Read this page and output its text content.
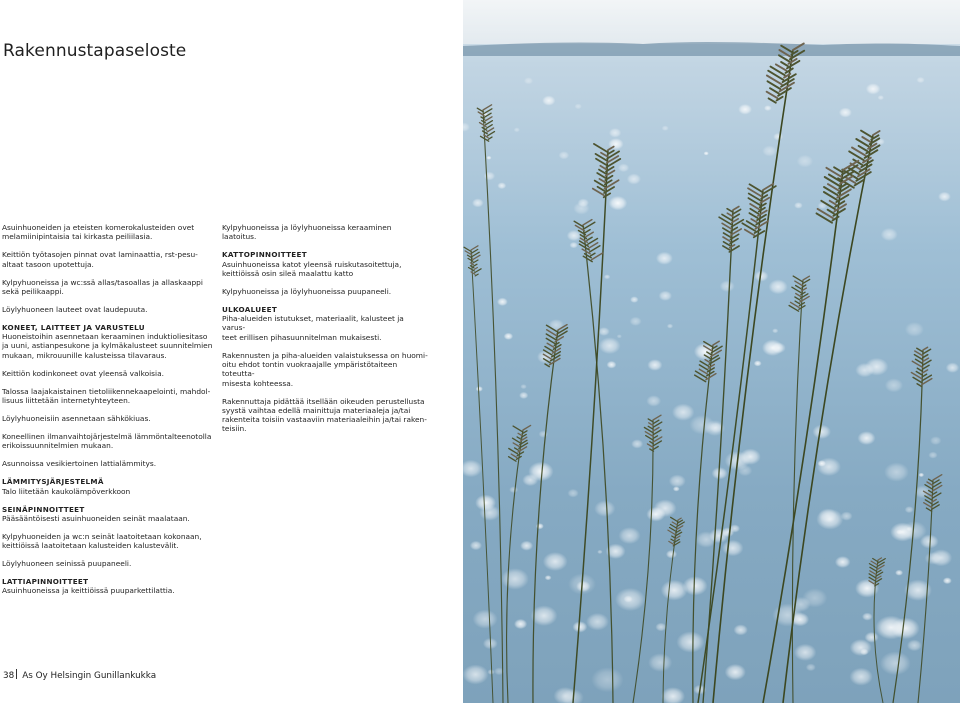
Rakennustapaseloste
Asuinhuoneiden ja eteisten komerokalusteiden ovet
melamiinipintaisia tai kirkasta peiliilasia.
Keittiön työtasojen pinnat ovat laminaattia, rst-pesu-
altaat tasoon upotettuja.
Kylpyhuoneissa ja wc:ssä allas/tasoallas ja allaskaappi
sekä peilikaappi.
Löylyhuoneen lauteet ovat laudepuuta.
KONEET, LAITTEET JA VARUSTELU
Huoneistoihin asennetaan keraaminen induktioliesitaso
ja uuni, astianpesukone ja kylmäkalusteet suunnitelmien
mukaan, mikrouunille kalusteissa tilavaraus.
Keittiön kodinkoneet ovat yleensä valkoisia.
Talossa laajakaistainen tietoliikennekaapelointi, mahdol-
lisuus liittetään internetyhteyteen.
Löylyhuoneisiin asennetaan sähkökiuas.
Koneellinen ilmanvaihtojärjestelmä lämmöntalteenotolla
erikoissuunnitelmien mukaan.
Asunnoissa vesikiertoinen lattialämmitys.
LÄMMITYSJÄRJESTELMÄ
Talo liitetään kaukolämpöverkkoon
SEINÄPINNOITTEET
Pääsääntöisesti asuinhuoneiden seinät maalataan.
Kylpyhuoneiden ja wc:n seinät laatoitetaan kokonaan,
keittiöissä laatoitetaan kalusteiden kalustevälit.
Löylyhuoneen seinissä puupaneeli.
LATTIAPINNOITTEET
Asuinhuoneissa ja keittiöissä puuparkettilattia.
Kylpyhuoneissa ja löylyhuoneissa keraaminen laatoitus.
KATTOPINNOITTEET
Asuinhuoneissa katot yleensä ruiskutasoitettuja,
keittiöissä osin sileä maalattu katto
Kylpyhuoneissa ja löylyhuoneissa puupaneeli.
ULKOALUEET
Piha-alueiden istutukset, materiaalit, kalusteet ja varus-
teet erillisen pihasuunnitelman mukaisesti.
Rakennusten ja piha-alueiden valaistuksessa on huomi-
oitu ehdot tontin vuokraajalle ympäristötaiteen toteutta-
misesta kohteessa.
Rakennuttaja pidättää itsellään oikeuden perustellusta
syystä vaihtaa edellä mainittuja materiaaleja ja/tai
rakenteita toisiin vastaaviin materiaaleihin ja/tai raken-
teisiin.
38 As Oy Helsingin Gunillankukka
